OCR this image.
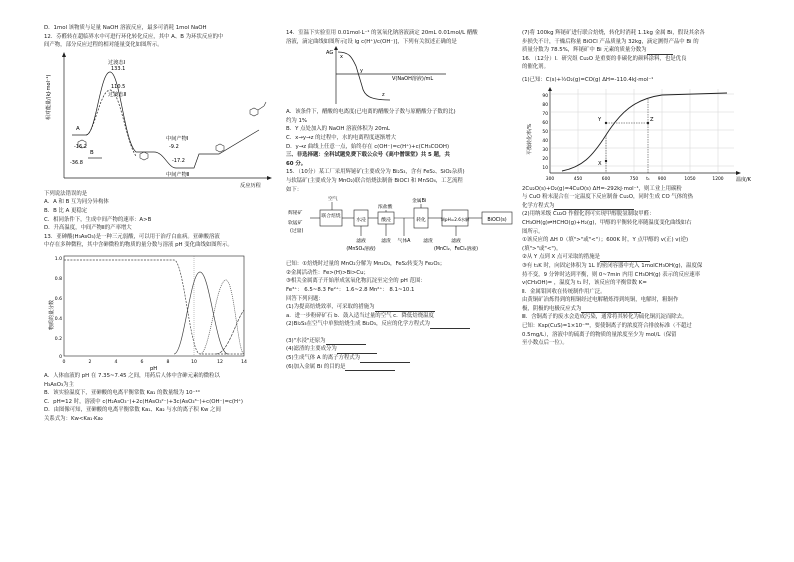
D．1mol 该物质与足量 NaOH 溶液反应，最多可消耗 1mol NaOH
12．芬醛转在超临界水中可进行环化转化反应，其中 A、B 为环状反应的中
间产物，部分反应过程的相对能量变化如图所示。
相对能量/(kJ·mol⁻¹)
反应历程
过渡态Ⅰ
133.1
110.5
过渡态Ⅱ
A
-16.2
B
-36.8
中间产物Ⅰ
-9.2
-17.2
中间产物Ⅱ
下列说法错误的是
A．A 和 B 互为同分异构体
B．B 比 A 更稳定
C．相同条件下，生成中间产物的速率：A>B
D．升高温度，中间产物Ⅱ的产率增大
13．亚砷酸(H₃AsO₃)是一种三元弱酸，可以用于治疗白血病。亚砷酸溶液
中存在多种微粒，其中含砷微粒的物质的量分数与溶液 pH 变化曲线如图所示。
物质的量分数
pH
1.0
0.8
0.6
0.4
0.2
0
0	2	4	6	8	10	12	14
A．人体血液的 pH 在 7.35~7.45 之间，用药后人体中含砷元素的微粒以
H₃AsO₃为主
B．该实验温度下，亚砷酸的电离平衡常数 Ka₁ 的数量级为 10⁻¹⁰
C．pH=12 时，溶液中 c(H₂AsO₃⁻)+2c(HAsO₃²⁻)+3c(AsO₃³⁻)+c(OH⁻)=c(H⁺)
D．由图像可知，亚砷酸的电离平衡常数 Ka₁、Ka₂ 与水的离子积 Kw 之间
关系式为：Kw<Ka₁·Ka₂
14．室温下实验室用 0.01mol·L⁻¹ 的氢氧化钠溶液滴定 20mL 0.01mol/L 醋酸
溶液，滴定曲线如图所示[设 lg c(H⁺)/c(OH⁻)]，下列有关叙述正确的是
AG
V(NaOH溶液)/mL
x
y
z
A．该条件下，醋酸的电离度(已电离的醋酸分子数与原醋酸分子数的比)
约为 1%
B．Y 点处加入的 NaOH 溶液体积为 20mL
C．x→y→z 的过程中，水的电离程度逐渐增大
D．y→z 曲线上任意一点，始终存在 c(OH⁻)=c(H⁺)+c(CH₃COOH)
三、非选择题：全科试题免费下载公众号《高中僧课堂》共 5 题，共
60 分。
15．（10分）某工厂采用辉铋矿(主要成分为 Bi₂S₃，含有 FeS₂、SiO₂杂质)
与软锰矿(主要成分为 MnO₂)联合焙烧法制备 BiOCl 和 MnSO₄，工艺流程
如下：
辉铋矿
软锰矿
(过量)
空气
浓盐酸
金属Bi
联合焙烧
水浸	酸浸	转化	调pH=2.6水解	BiOCl(s)
滤液
(MnSO₄溶液)
滤渣 气体A	滤渣	滤液
(MnCl₂、FeCl₂溶液)
已知：①焙烧时过量的 MnO₂分解为 Mn₂O₃，FeS₂转变为 Fe₂O₃；
②金属活动性：Fe>(H)>Bi>Cu；
③相关金属离子开始形成氢氧化物沉淀至完全的 pH 范围：
Fe³⁺： 6.5~8.3 Fe²⁺： 1.6~2.8 Mn²⁺： 8.1~10.1
回答下列问题：
(1)为提高焙烧效率，可采取的措施为
a．进一步粉碎矿石 b．鼓入适当过量的空气 c．降低焙烧温度
(2)Bi₂S₃在空气中单独焙烧生成 Bi₂O₃，反应的化学方程式为
(3)"水浸"还原为
(4)滤渣的主要成分为
(5)生成气体 A 的离子方程式为
(6)加入金属 Bi 的目的是
(7)将 100kg 辉铋矿进行联合焙烧，转化时消耗 1.1kg 金属 Bi，假设其余各
步损失不计，干燥后称量 BiOCl 产品质量为 32kg，滴定测得产品中 Bi 的
质量分数为 78.5%，辉铋矿中 Bi 元素的质量分数为
16．（12分）Ⅰ．研究组 Cu₂O 是重要的非碳化的颜料涂料，也是优良
的催化剂。
(1)已知：C(s)+½O₂(g)=CO(g) ΔH=-110.4kJ·mol⁻¹
平衡转化率/%
温度/K
90
80
70
60
50
40
30
20
10
300	450	600	750 t₁ 900	1050	1200
X
Y	Z
2Cu₂O(s)+O₂(g)=4CuO(s) ΔH=-292kJ·mol⁻¹，则工业上用碳粉
与 CuO 粉末混合在一定温度下反应制备 Cu₂O，同时生成 CO 气体的热
化学方程式为
(2)用纳米级 Cu₂O 作催化剂可实现甲醇脱氢制取甲醛：
CH₃OH(g)⇌HCHO(g)+H₂(g)，甲醇的平衡转化率随温度变化曲线如右
图所示。
①该反应的 ΔH 0（填">"或"<"）；600K 时，Y 点甲醇的 v(正) v(逆)
(填">"或"<")。
②从 Y 点到 X 点可采取的措施是
③有 t₁K 时，向固定体积为 1L 的密闭容器中充入 1molCH₃OH(g)，温度保
持不变，9 分钟时达到平衡，则 0~7min 内用 CH₃OH(g) 表示的反应速率
v(CH₃OH)= ，温度为 t₁ 时，该反应的平衡常数 K=
Ⅱ．金属钼回收在传统制作用广泛。
由黄铜矿冶炼得到的粗铜经过电解精炼得到纯铜，电解时，粗铜作
极，阴极的电极反应式为
Ⅲ．含铜离子的废水会造成污染，通常将其转化为硫化铜沉淀而除去。
已知：Ksp(CuS)=1×10⁻³⁶，要使铜离子的浓度符合排放标准（不超过
0.5mg/L），溶液中的硫离子的物质的量浓度至少为 mol/L（保留
至小数点后一位）。
